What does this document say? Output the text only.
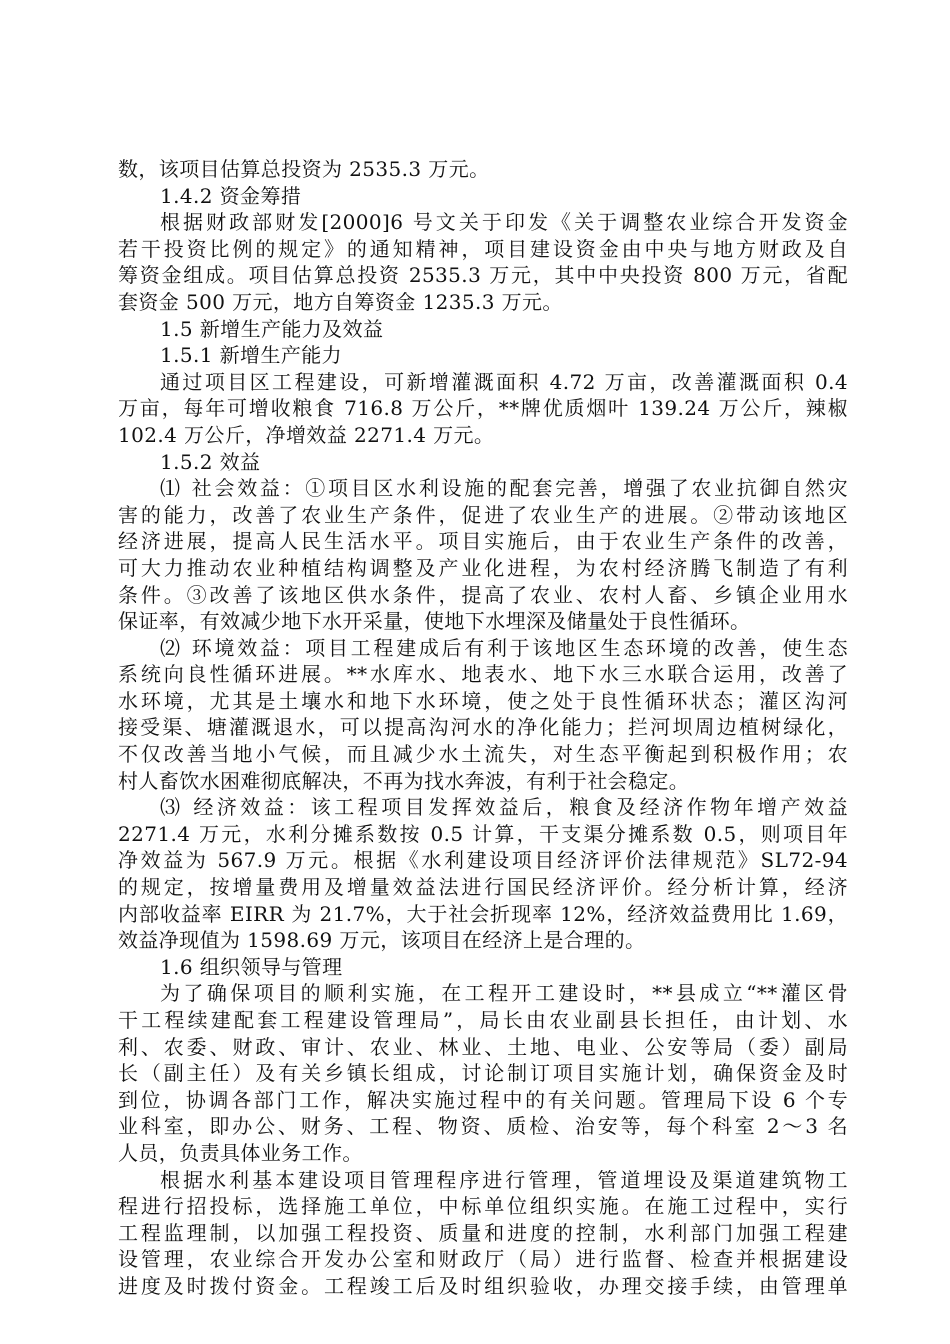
数，该项目估算总投资为 2535.3 万元。
1.4.2 资金筹措
根据财政部财发[2000]6 号文关于印发《关于调整农业综合开发资金
若干投资比例的规定》的通知精神，项目建设资金由中央与地方财政及自
筹资金组成。项目估算总投资 2535.3 万元，其中中央投资 800 万元，省配
套资金 500 万元，地方自筹资金 1235.3 万元。
1.5 新增生产能力及效益
1.5.1 新增生产能力
通过项目区工程建设，可新增灌溉面积 4.72 万亩，改善灌溉面积 0.4
万亩，每年可增收粮食 716.8 万公斤，**牌优质烟叶 139.24 万公斤，辣椒
102.4 万公斤，净增效益 2271.4 万元。
1.5.2 效益
⑴ 社会效益：①项目区水利设施的配套完善，增强了农业抗御自然灾
害的能力，改善了农业生产条件，促进了农业生产的进展。②带动该地区
经济进展，提高人民生活水平。项目实施后，由于农业生产条件的改善，
可大力推动农业种植结构调整及产业化进程，为农村经济腾飞制造了有利
条件。③改善了该地区供水条件，提高了农业、农村人畜、乡镇企业用水
保证率，有效减少地下水开采量，使地下水埋深及储量处于良性循环。
⑵ 环境效益：项目工程建成后有利于该地区生态环境的改善，使生态
系统向良性循环进展。**水库水、地表水、地下水三水联合运用，改善了
水环境，尤其是土壤水和地下水环境，使之处于良性循环状态；灌区沟河
接受渠、塘灌溉退水，可以提高沟河水的净化能力；拦河坝周边植树绿化，
不仅改善当地小气候，而且减少水土流失，对生态平衡起到积极作用；农
村人畜饮水困难彻底解决，不再为找水奔波，有利于社会稳定。
⑶ 经济效益：该工程项目发挥效益后，粮食及经济作物年增产效益
2271.4 万元，水利分摊系数按 0.5 计算，干支渠分摊系数 0.5，则项目年
净效益为 567.9 万元。根据《水利建设项目经济评价法律规范》SL72-94
的规定，按增量费用及增量效益法进行国民经济评价。经分析计算，经济
内部收益率 EIRR 为 21.7%，大于社会折现率 12%，经济效益费用比 1.69，
效益净现值为 1598.69 万元，该项目在经济上是合理的。
1.6 组织领导与管理
为了确保项目的顺利实施，在工程开工建设时，**县成立“**灌区骨
干工程续建配套工程建设管理局”，局长由农业副县长担任，由计划、水
利、农委、财政、审计、农业、林业、土地、电业、公安等局（委）副局
长（副主任）及有关乡镇长组成，讨论制订项目实施计划，确保资金及时
到位，协调各部门工作，解决实施过程中的有关问题。管理局下设 6 个专
业科室，即办公、财务、工程、物资、质检、治安等，每个科室 2～3 名
人员，负责具体业务工作。
根据水利基本建设项目管理程序进行管理，管道埋设及渠道建筑物工
程进行招投标，选择施工单位，中标单位组织实施。在施工过程中，实行
工程监理制，以加强工程投资、质量和进度的控制，水利部门加强工程建
设管理，农业综合开发办公室和财政厅（局）进行监督、检查并根据建设
进度及时拨付资金。工程竣工后及时组织验收，办理交接手续，由管理单
